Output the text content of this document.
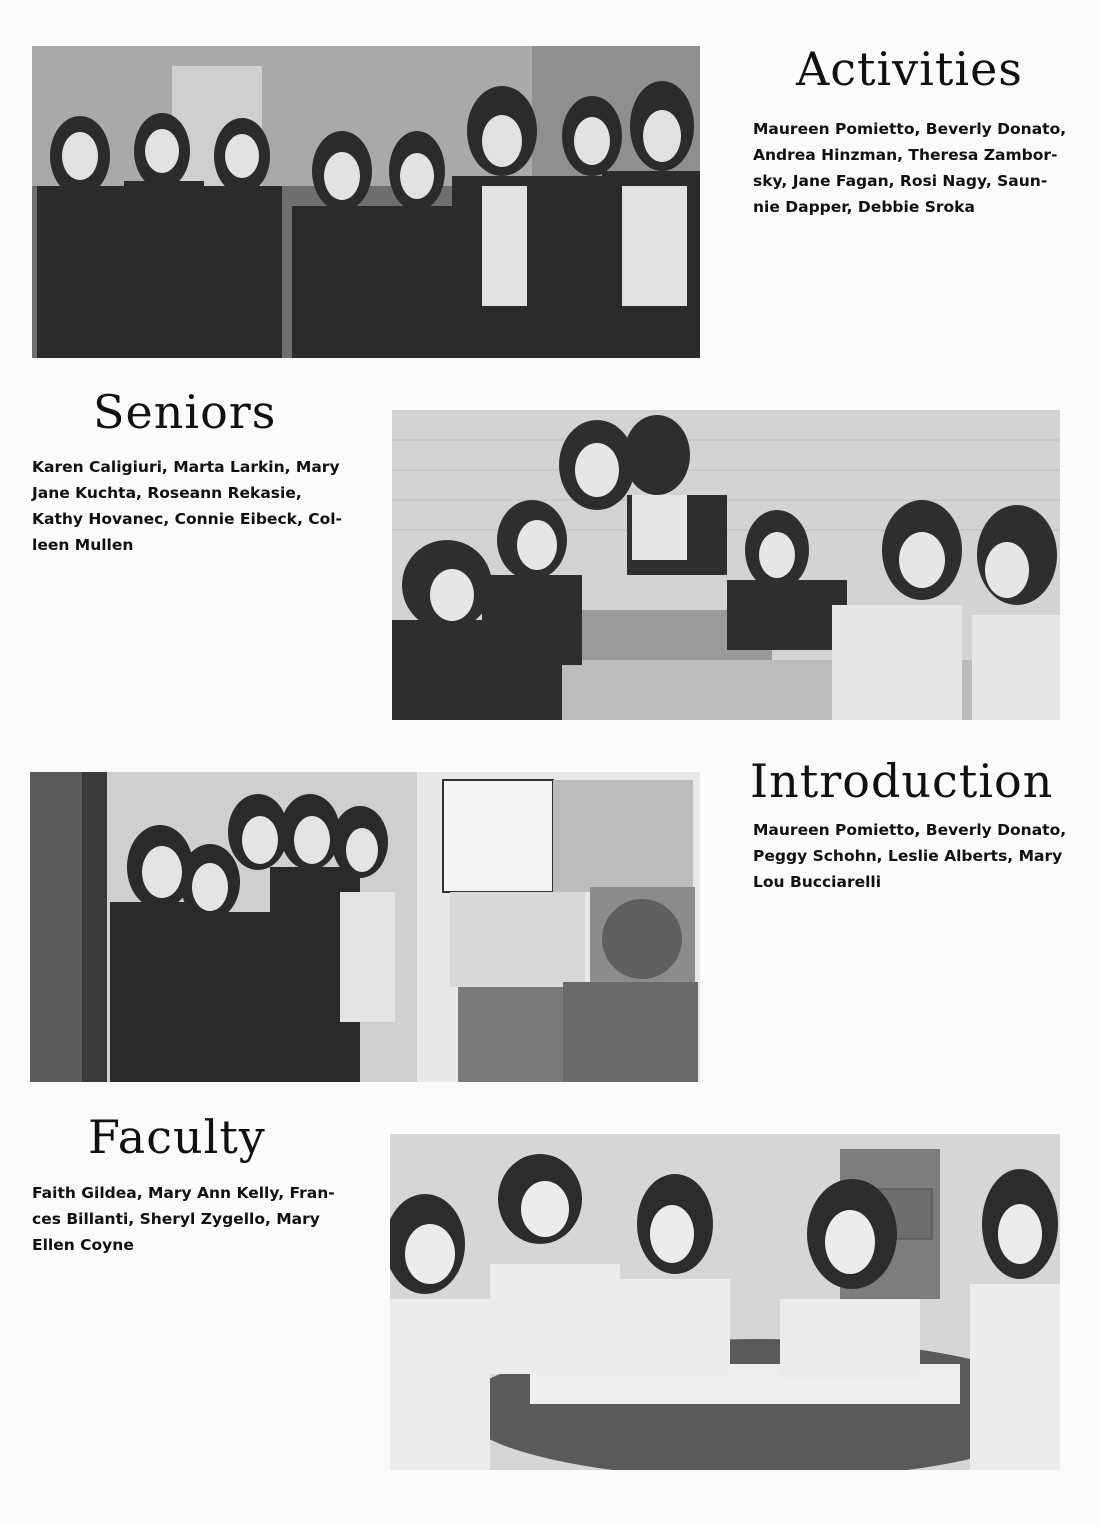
Activities

Maureen Pomietto, Beverly Donato,
Andrea Hinzman, Theresa Zambor-
sky, Jane Fagan, Rosi Nagy, Saun-
nie Dapper, Debbie Sroka

Seniors

Karen Caligiuri, Marta Larkin, Mary
Jane Kuchta, Roseann Rekasie,
Kathy Hovanec, Connie Eibeck, Col-
leen Mullen

Introduction

Maureen Pomietto, Beverly Donato,
Peggy Schohn, Leslie Alberts, Mary
Lou Bucciarelli

Faculty

Faith Gildea, Mary Ann Kelly, Fran-
ces Billanti, Sheryl Zygello, Mary
Ellen Coyne
